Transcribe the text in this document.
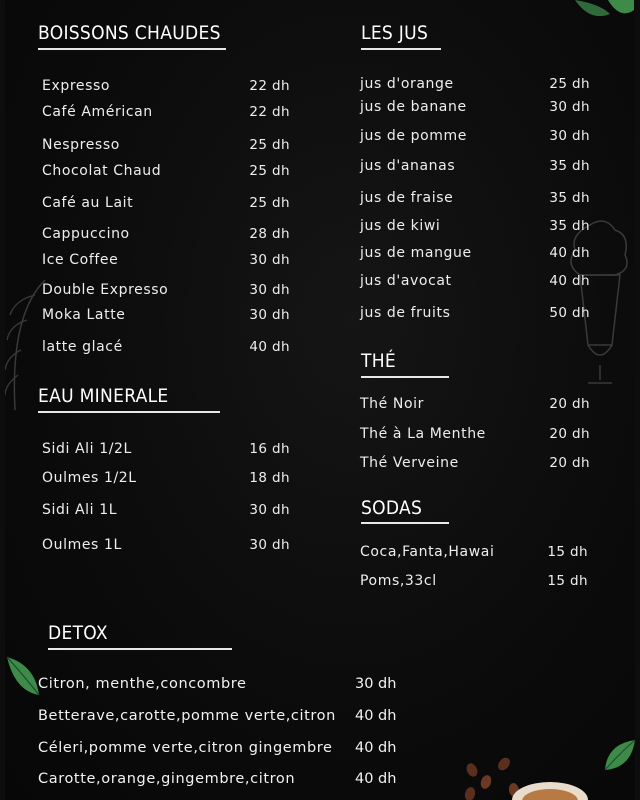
BOISSONS CHAUDES
Expresso	22 dh
Café Américan	22 dh
Nespresso	25 dh
Chocolat Chaud	25 dh
Café au Lait	25 dh
Cappuccino	28 dh
Ice Coffee	30 dh
Double Expresso	30 dh
Moka Latte	30 dh
latte glacé	40 dh
EAU MINERALE
Sidi Ali 1/2L	16 dh
Oulmes 1/2L	18 dh
Sidi Ali 1L	30 dh
Oulmes 1L	30 dh
LES JUS
jus d'orange	25 dh
jus de banane	30 dh
jus de pomme	30 dh
jus d'ananas	35 dh
jus de fraise	35 dh
jus de kiwi	35 dh
jus de mangue	40 dh
jus d'avocat	40 dh
jus de fruits	50 dh
THÉ
Thé Noir	20 dh
Thé à La Menthe	20 dh
Thé Verveine	20 dh
SODAS
Coca,Fanta,Hawai	15 dh
Poms,33cl	15 dh
DETOX
Citron, menthe,concombre	30 dh
Betterave,carotte,pomme verte,citron 40 dh
Céleri,pomme verte,citron gingembre 40 dh
Carotte,orange,gingembre,citron	40 dh
